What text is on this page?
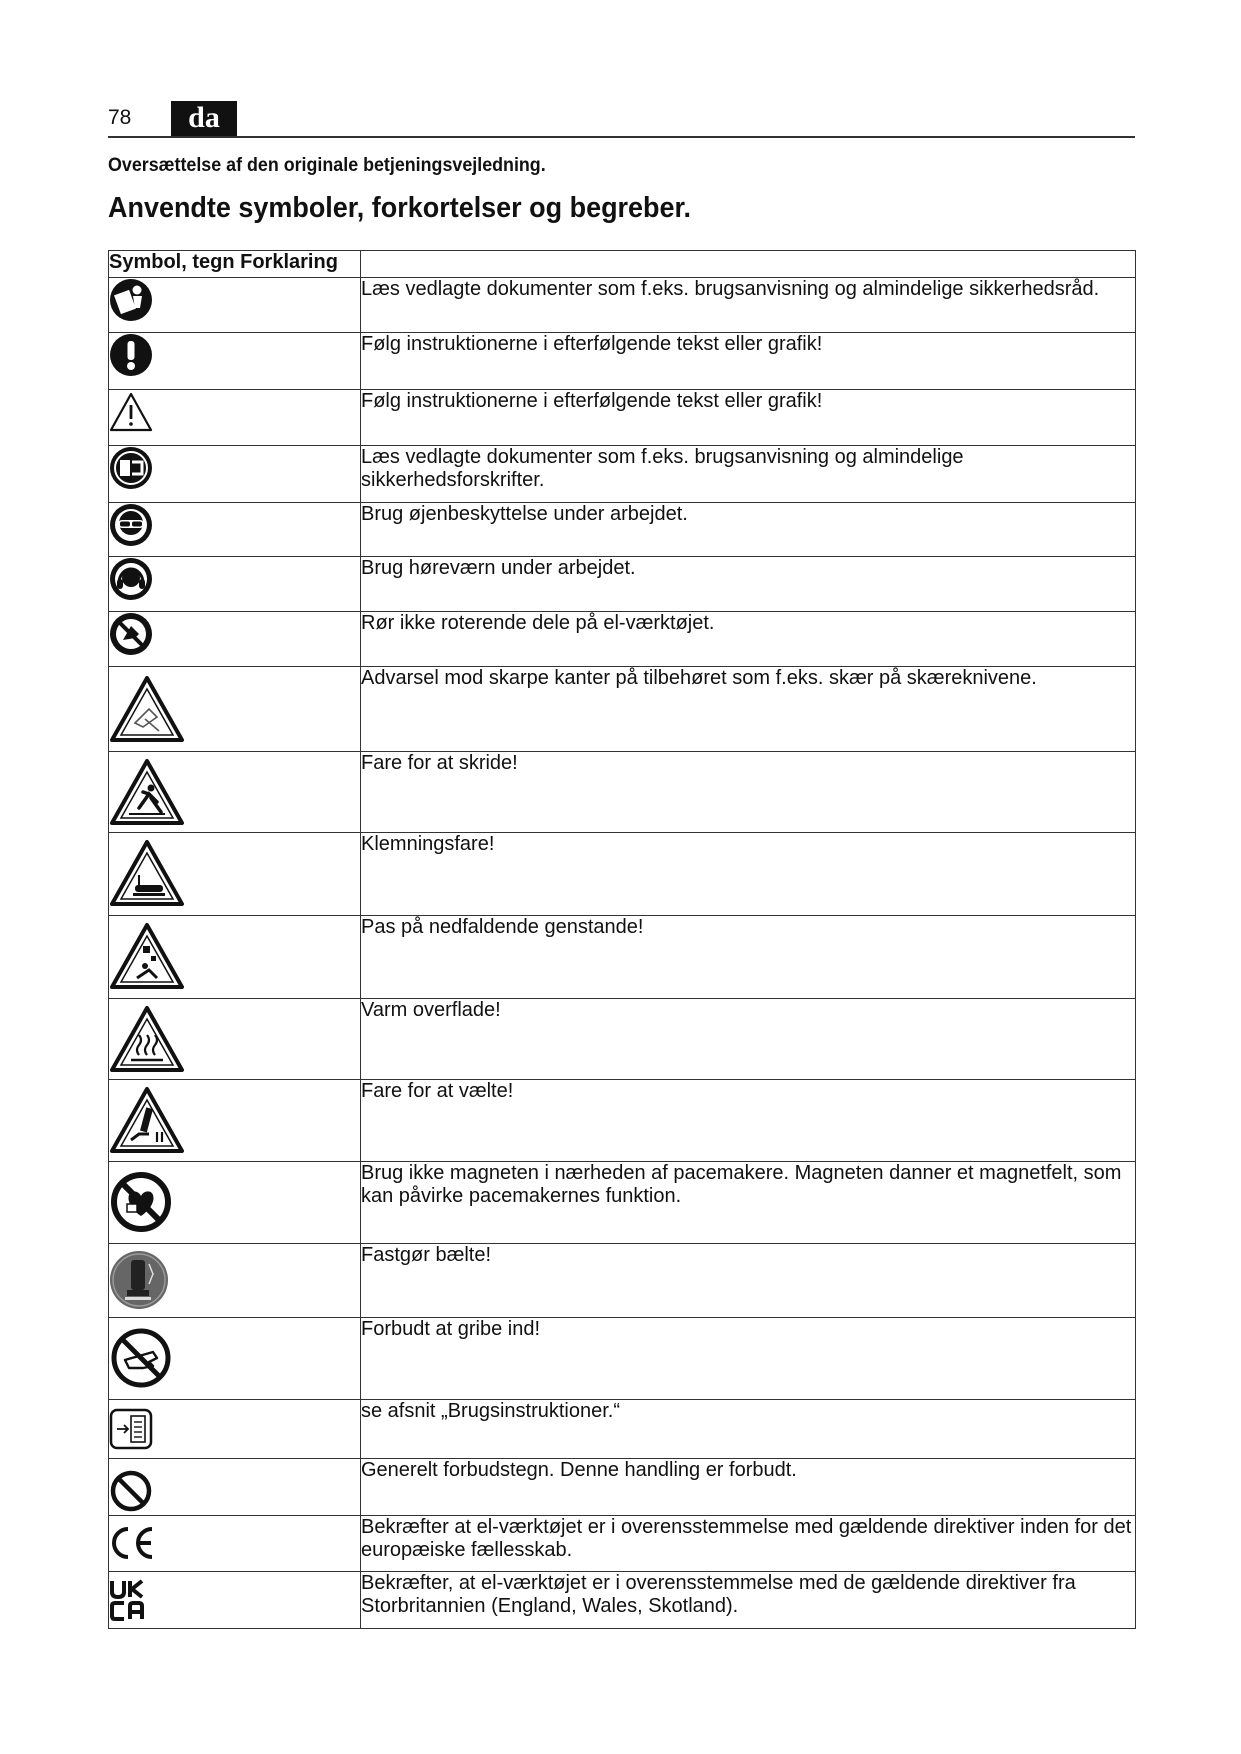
78	da
Oversættelse af den originale betjeningsvejledning.
Anvendte symboler, forkortelser og begreber.
Symbol, tegn Forklaring	

	Læs vedlagte dokumenter som f.eks. brugsanvisning og almindelige sikkerhedsråd.

	Følg instruktionerne i efterfølgende tekst eller grafik!

	Følg instruktionerne i efterfølgende tekst eller grafik!

	Læs vedlagte dokumenter som f.eks. brugsanvisning og almindelige sikkerhedsforskrifter.

	Brug øjenbeskyttelse under arbejdet.

	Brug høreværn under arbejdet.

	Rør ikke roterende dele på el-værktøjet.

	Advarsel mod skarpe kanter på tilbehøret som f.eks. skær på skæreknivene.

	Fare for at skride!

	Klemningsfare!

	Pas på nedfaldende genstande!

	Varm overflade!

	Fare for at vælte!

	Brug ikke magneten i nærheden af pacemakere. Magneten danner et magnetfelt, som kan påvirke pacemakernes funktion.

	Fastgør bælte!

	Forbudt at gribe ind!

	se afsnit „Brugsinstruktioner.“

	Generelt forbudstegn. Denne handling er forbudt.

	Bekræfter at el-værktøjet er i overensstemmelse med gældende direktiver inden for det europæiske fællesskab.

	Bekræfter, at el-værktøjet er i overensstemmelse med de gældende direktiver fra Storbritannien (England, Wales, Skotland).
